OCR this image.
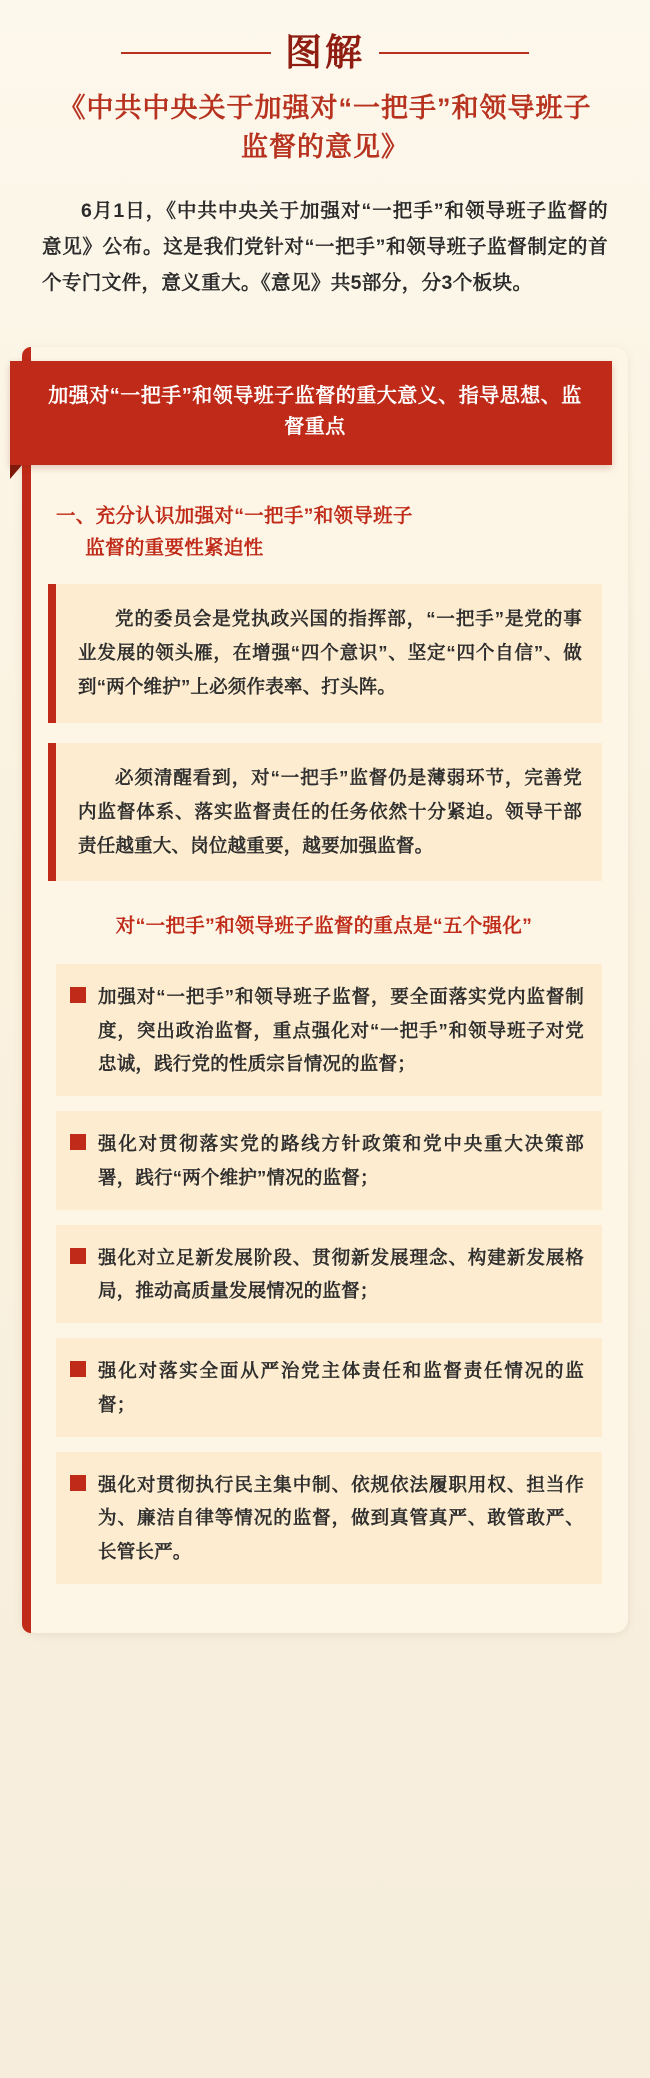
图解
《中共中央关于加强对“一把手”和领导班子监督的意见》
6月1日，《中共中央关于加强对“一把手”和领导班子监督的意见》公布。这是我们党针对“一把手”和领导班子监督制定的首个专门文件，意义重大。《意见》共5部分，分3个板块。
加强对“一把手”和领导班子监督的重大意义、指导思想、监督重点
一、充分认识加强对“一把手”和领导班子
监督的重要性紧迫性
党的委员会是党执政兴国的指挥部，“一把手”是党的事业发展的领头雁，在增强“四个意识”、坚定“四个自信”、做到“两个维护”上必须作表率、打头阵。
必须清醒看到，对“一把手”监督仍是薄弱环节，完善党内监督体系、落实监督责任的任务依然十分紧迫。领导干部责任越重大、岗位越重要，越要加强监督。
对“一把手”和领导班子监督的重点是“五个强化”
加强对“一把手”和领导班子监督，要全面落实党内监督制度，突出政治监督，重点强化对“一把手”和领导班子对党忠诚，践行党的性质宗旨情况的监督；
强化对贯彻落实党的路线方针政策和党中央重大决策部署，践行“两个维护”情况的监督；
强化对立足新发展阶段、贯彻新发展理念、构建新发展格局，推动高质量发展情况的监督；
强化对落实全面从严治党主体责任和监督责任情况的监督；
强化对贯彻执行民主集中制、依规依法履职用权、担当作为、廉洁自律等情况的监督，做到真管真严、敢管敢严、长管长严。
